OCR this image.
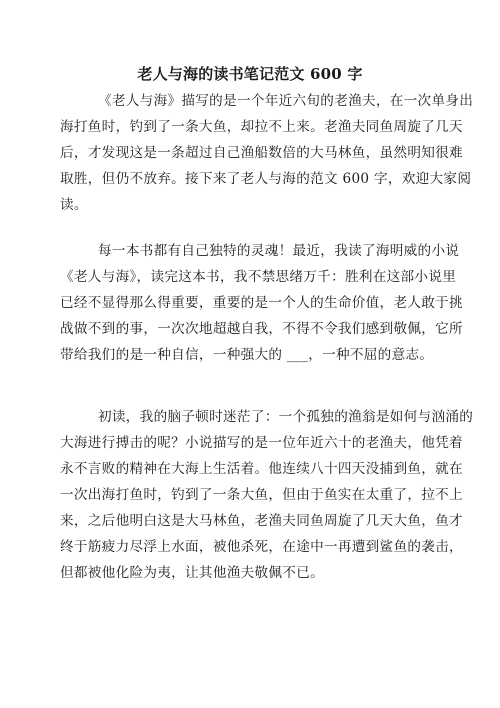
老人与海的读书笔记范文 600 字
《老人与海》描写的是一个年近六旬的老渔夫，在一次单身出
海打鱼时，钓到了一条大鱼，却拉不上来。老渔夫同鱼周旋了几天
后，才发现这是一条超过自己渔船数倍的大马林鱼，虽然明知很难
取胜，但仍不放弃。接下来了老人与海的范文 600 字，欢迎大家阅
读。
每一本书都有自己独特的灵魂！最近，我读了海明威的小说
《老人与海》，读完这本书，我不禁思绪万千：胜利在这部小说里
已经不显得那么得重要，重要的是一个人的生命价值，老人敢于挑
战做不到的事，一次次地超越自我，不得不令我们感到敬佩，它所
带给我们的是一种自信，一种强大的 ___，一种不屈的意志。
初读，我的脑子顿时迷茫了：一个孤独的渔翁是如何与汹涌的
大海进行搏击的呢？小说描写的是一位年近六十的老渔夫，他凭着
永不言败的精神在大海上生活着。他连续八十四天没捕到鱼，就在
一次出海打鱼时，钓到了一条大鱼，但由于鱼实在太重了，拉不上
来，之后他明白这是大马林鱼，老渔夫同鱼周旋了几天大鱼，鱼才
终于筋疲力尽浮上水面，被他杀死，在途中一再遭到鲨鱼的袭击，
但都被他化险为夷，让其他渔夫敬佩不已。
